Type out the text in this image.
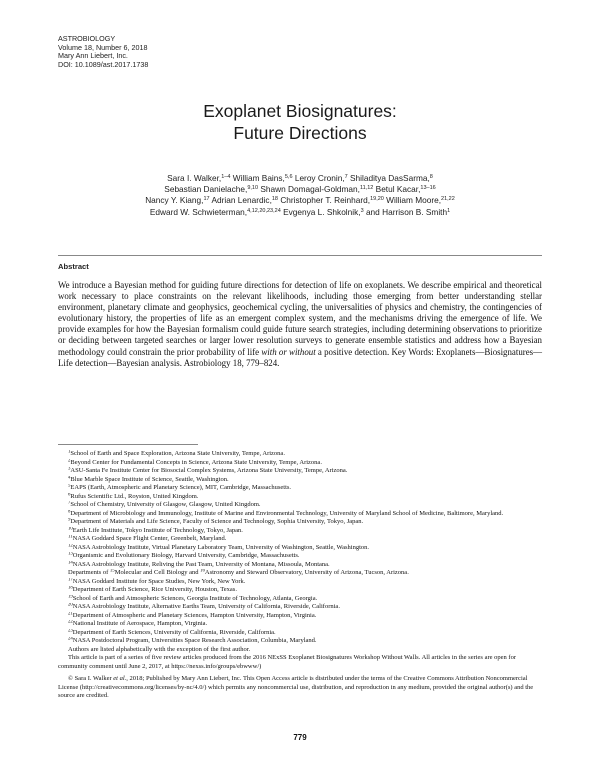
ASTROBIOLOGY
Volume 18, Number 6, 2018
Mary Ann Liebert, Inc.
DOI: 10.1089/ast.2017.1738
Exoplanet Biosignatures:
Future Directions
Sara I. Walker,$^{1-4}$ William Bains,$^{5,6}$ Leroy Cronin,$^7$ Shiladitya DasSarma,$^8$
Sebastian Danielache,$^{9,10}$ Shawn Domagal-Goldman,$^{11,12}$ Betul Kacar,$^{13-16}$
Nancy Y. Kiang,$^{17}$ Adrian Lenardic,$^{18}$ Christopher T. Reinhard,$^{19,20}$ William Moore,$^{21,22}$
Edward W. Schwieterman,$^{4,12,20,23,24}$ Evgenya L. Shkolnik,$^3$ and Harrison B. Smith$^1$
Abstract
We introduce a Bayesian method for guiding future directions for detection of life on exoplanets. We describe empirical and theoretical work necessary to place constraints on the relevant likelihoods, including those emerging from better understanding stellar environment, planetary climate and geophysics, geochemical cycling, the universalities of physics and chemistry, the contingencies of evolutionary history, the properties of life as an emergent complex system, and the mechanisms driving the emergence of life. We provide examples for how the Bayesian formalism could guide future search strategies, including determining observations to prioritize or deciding between targeted searches or larger lower resolution surveys to generate ensemble statistics and address how a Bayesian methodology could constrain the prior probability of life with or without a positive detection. Key Words: Exoplanets—Biosignatures—Life detection—Bayesian analysis. Astrobiology 18, 779–824.
$^1$School of Earth and Space Exploration, Arizona State University, Tempe, Arizona.
$^2$Beyond Center for Fundamental Concepts in Science, Arizona State University, Tempe, Arizona.
$^3$ASU-Santa Fe Institute Center for Biosocial Complex Systems, Arizona State University, Tempe, Arizona.
$^4$Blue Marble Space Institute of Science, Seattle, Washington.
$^5$EAPS (Earth, Atmospheric and Planetary Science), MIT, Cambridge, Massachusetts.
$^6$Rufus Scientific Ltd., Royston, United Kingdom.
$^7$School of Chemistry, University of Glasgow, Glasgow, United Kingdom.
$^8$Department of Microbiology and Immunology, Institute of Marine and Environmental Technology, University of Maryland School of Medicine, Baltimore, Maryland.
$^9$Department of Materials and Life Science, Faculty of Science and Technology, Sophia University, Tokyo, Japan.
$^{10}$Earth Life Institute, Tokyo Institute of Technology, Tokyo, Japan.
$^{11}$NASA Goddard Space Flight Center, Greenbelt, Maryland.
$^{12}$NASA Astrobiology Institute, Virtual Planetary Laboratory Team, University of Washington, Seattle, Washington.
$^{13}$Organismic and Evolutionary Biology, Harvard University, Cambridge, Massachusetts.
$^{14}$NASA Astrobiology Institute, Reliving the Past Team, University of Montana, Missoula, Montana.
Departments of $^{15}$Molecular and Cell Biology and $^{16}$Astronomy and Steward Observatory, University of Arizona, Tucson, Arizona.
$^{17}$NASA Goddard Institute for Space Studies, New York, New York.
$^{18}$Department of Earth Science, Rice University, Houston, Texas.
$^{19}$School of Earth and Atmospheric Sciences, Georgia Institute of Technology, Atlanta, Georgia.
$^{20}$NASA Astrobiology Institute, Alternative Earths Team, University of California, Riverside, California.
$^{21}$Department of Atmospheric and Planetary Sciences, Hampton University, Hampton, Virginia.
$^{22}$National Institute of Aerospace, Hampton, Virginia.
$^{23}$Department of Earth Sciences, University of California, Riverside, California.
$^{24}$NASA Postdoctoral Program, Universities Space Research Association, Columbia, Maryland.
Authors are listed alphabetically with the exception of the first author.
This article is part of a series of five review articles produced from the 2016 NExSS Exoplanet Biosignatures Workshop Without Walls. All articles in the series are open for community comment until June 2, 2017, at https://nexss.info/groups/ebwww/)
© Sara I. Walker et al., 2018; Published by Mary Ann Liebert, Inc. This Open Access article is distributed under the terms of the Creative Commons Attribution Noncommercial License (http://creativecommons.org/licenses/by-nc/4.0/) which permits any noncommercial use, distribution, and reproduction in any medium, provided the original author(s) and the source are credited.
779
